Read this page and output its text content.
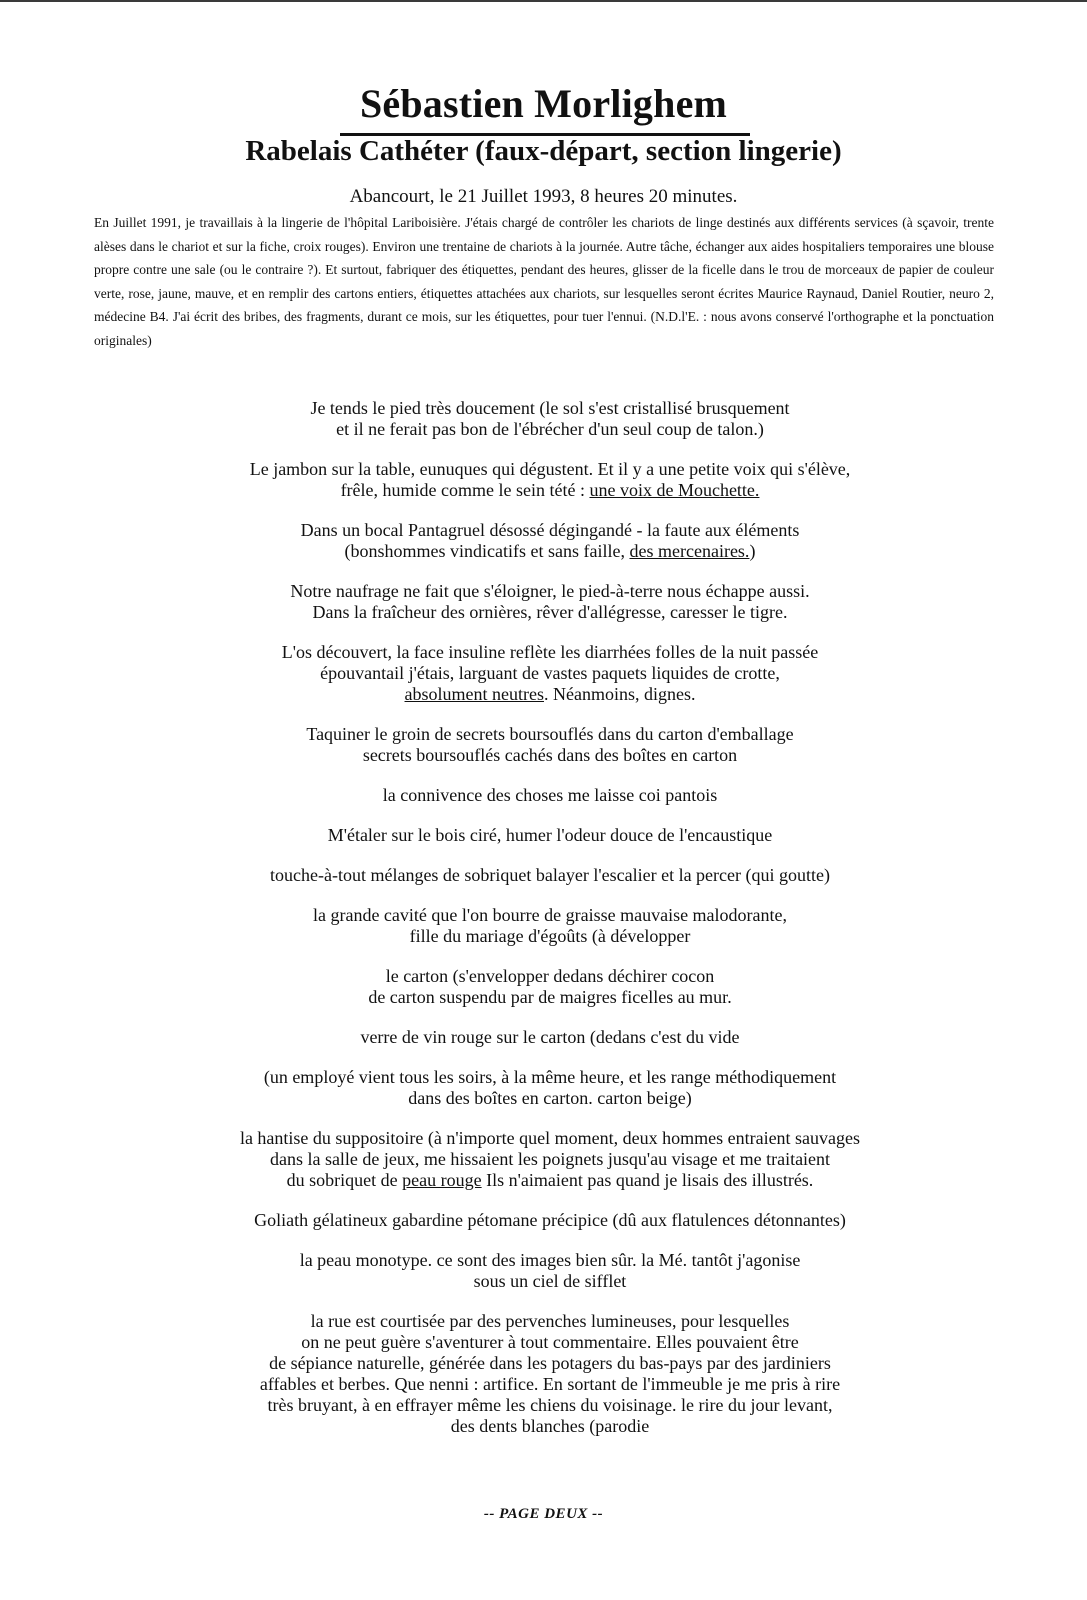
Sébastien Morlighem
Rabelais Cathéter (faux-départ, section lingerie)
Abancourt, le 21 Juillet 1993, 8 heures 20 minutes.
En Juillet 1991, je travaillais à la lingerie de l'hôpital Lariboisière. J'étais chargé de contrôler les chariots de linge destinés aux différents services (à sçavoir, trente alèses dans le chariot et sur la fiche, croix rouges). Environ une trentaine de chariots à la journée. Autre tâche, échanger aux aides hospitaliers temporaires une blouse propre contre une sale (ou le contraire ?). Et surtout, fabriquer des étiquettes, pendant des heures, glisser de la ficelle dans le trou de morceaux de papier de couleur verte, rose, jaune, mauve, et en remplir des cartons entiers, étiquettes attachées aux chariots, sur lesquelles seront écrites Maurice Raynaud, Daniel Routier, neuro 2, médecine B4. J'ai écrit des bribes, des fragments, durant ce mois, sur les étiquettes, pour tuer l'ennui. (N.D.l'E. : nous avons conservé l'orthographe et la ponctuation originales)
Je tends le pied très doucement (le sol s'est cristallisé brusquement
et il ne ferait pas bon de l'ébrécher d'un seul coup de talon.)
Le jambon sur la table, eunuques qui dégustent. Et il y a une petite voix qui s'élève,
frêle, humide comme le sein tété : une voix de Mouchette.
Dans un bocal Pantagruel désossé dégingandé - la faute aux éléments
(bonshommes vindicatifs et sans faille, des mercenaires.)
Notre naufrage ne fait que s'éloigner, le pied-à-terre nous échappe aussi.
Dans la fraîcheur des ornières, rêver d'allégresse, caresser le tigre.
L'os découvert, la face insuline reflète les diarrhées folles de la nuit passée
épouvantail j'étais, larguant de vastes paquets liquides de crotte,
absolument neutres. Néanmoins, dignes.
Taquiner le groin de secrets boursouflés dans du carton d'emballage
secrets boursouflés cachés dans des boîtes en carton
la connivence des choses me laisse coi pantois
M'étaler sur le bois ciré, humer l'odeur douce de l'encaustique
touche-à-tout mélanges de sobriquet balayer l'escalier et la percer (qui goutte)
la grande cavité que l'on bourre de graisse mauvaise malodorante,
fille du mariage d'égoûts (à développer
le carton (s'envelopper dedans déchirer cocon
de carton suspendu par de maigres ficelles au mur.
verre de vin rouge sur le carton (dedans c'est du vide
(un employé vient tous les soirs, à la même heure, et les range méthodiquement
dans des boîtes en carton. carton beige)
la hantise du suppositoire (à n'importe quel moment, deux hommes entraient sauvages
dans la salle de jeux, me hissaient les poignets jusqu'au visage et me traitaient
du sobriquet de peau rouge Ils n'aimaient pas quand je lisais des illustrés.
Goliath gélatineux gabardine pétomane précipice (dû aux flatulences détonnantes)
la peau monotype. ce sont des images bien sûr. la Mé. tantôt j'agonise
sous un ciel de sifflet
la rue est courtisée par des pervenches lumineuses, pour lesquelles
on ne peut guère s'aventurer à tout commentaire. Elles pouvaient être
de sépiance naturelle, générée dans les potagers du bas-pays par des jardiniers
affables et berbes. Que nenni : artifice. En sortant de l'immeuble je me pris à rire
très bruyant, à en effrayer même les chiens du voisinage. le rire du jour levant,
des dents blanches (parodie
-- PAGE DEUX --
